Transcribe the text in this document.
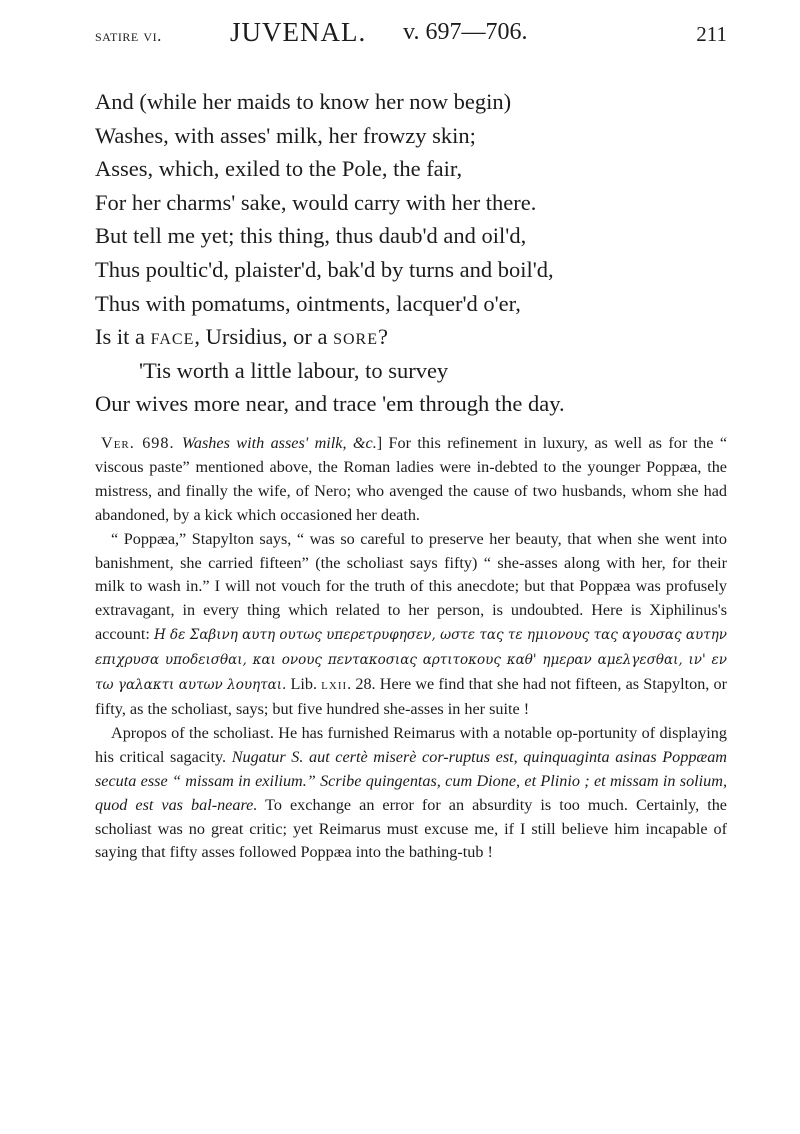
satire vi.	JUVENAL. v. 697—706.	211
And (while her maids to know her now begin)
Washes, with asses' milk, her frowzy skin;
Asses, which, exiled to the Pole, the fair,
For her charms' sake, would carry with her there.
But tell me yet; this thing, thus daub'd and oil'd,
Thus poultic'd, plaister'd, bak'd by turns and boil'd,
Thus with pomatums, ointments, lacquer'd o'er,
Is it a face, Ursidius, or a sore?
'Tis worth a little labour, to survey
Our wives more near, and trace 'em through the day.

Ver. 698. Washes with asses' milk, &c.] For this refinement in luxury, as well as for the “ viscous paste” mentioned above, the Roman ladies were in-debted to the younger Poppæa, the mistress, and finally the wife, of Nero; who avenged the cause of two husbands, whom she had abandoned, by a kick which occasioned her death.

“ Poppæa,” Stapylton says, “ was so careful to preserve her beauty, that when she went into banishment, she carried fifteen” (the scholiast says fifty) “ she-asses along with her, for their milk to wash in.” I will not vouch for the truth of this anecdote; but that Poppæa was profusely extravagant, in every thing which related to her person, is undoubted. Here is Xiphilinus's account: Η δε Σαβινη αυτη ουτως υπερετρυφησεν, ωστε τας τε ημιονους τας αγουσας αυτην επιχρυσα υποδεισθαι, και ονους πεντακοσιας αρτιτοκους καθ' ημεραν αμελγεσθαι, ιν' εν τω γαλακτι αυτων λουηται. Lib. lxii. 28. Here we find that she had not fifteen, as Stapylton, or fifty, as the scholiast, says; but five hundred she-asses in her suite !

Apropos of the scholiast. He has furnished Reimarus with a notable op-portunity of displaying his critical sagacity. Nugatur S. aut certè miserè cor-ruptus est, quinquaginta asinas Poppæam secuta esse “ missam in exilium.” Scribe quingentas, cum Dione, et Plinio ; et missam in solium, quod est vas bal-neare. To exchange an error for an absurdity is too much. Certainly, the scholiast was no great critic; yet Reimarus must excuse me, if I still believe him incapable of saying that fifty asses followed Poppæa into the bathing-tub !
